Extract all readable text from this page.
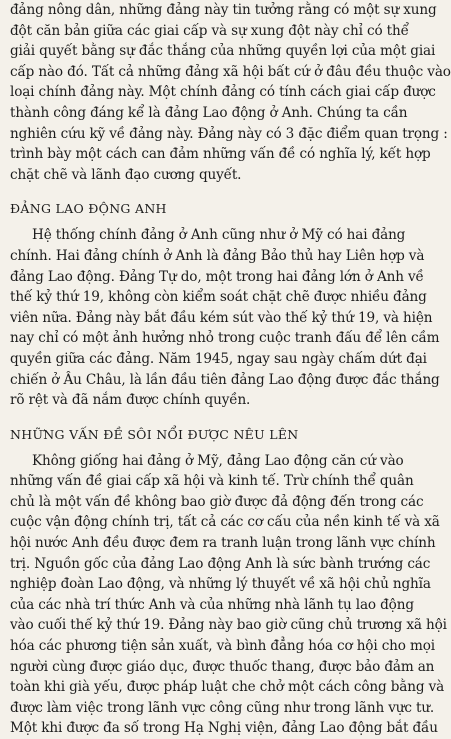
đảng nông dân, những đảng này tin tưởng rằng có một sự xung
đột căn bản giữa các giai cấp và sự xung đột này chỉ có thể
giải quyết bằng sự đắc thắng của những quyền lợi của một giai
cấp nào đó. Tất cả những đảng xã hội bất cứ ở đâu đều thuộc vào
loại chính đảng này. Một chính đảng có tính cách giai cấp được
thành công đáng kể là đảng Lao động ở Anh. Chúng ta cần
nghiên cứu kỹ về đảng này. Đảng này có 3 đặc điểm quan trọng :
trình bày một cách can đảm những vấn đề có nghĩa lý, kết hợp
chặt chẽ và lãnh đạo cương quyết.
ĐẢNG LAO ĐỘNG ANH
Hệ thống chính đảng ở Anh cũng như ở Mỹ có hai đảng
chính. Hai đảng chính ở Anh là đảng Bảo thủ hay Liên hợp và
đảng Lao động. Đảng Tự do, một trong hai đảng lớn ở Anh về
thế kỷ thứ 19, không còn kiểm soát chặt chẽ được nhiều đảng
viên nữa. Đảng này bắt đầu kém sút vào thế kỷ thứ 19, và hiện
nay chỉ có một ảnh hưởng nhỏ trong cuộc tranh đấu để lên cầm
quyền giữa các đảng. Năm 1945, ngay sau ngày chấm dứt đại
chiến ở Âu Châu, là lần đầu tiên đảng Lao động được đắc thắng
rõ rệt và đã nắm được chính quyền.
NHỮNG VẤN ĐỀ SÔI NỔI ĐƯỢC NÊU LÊN
Không giống hai đảng ở Mỹ, đảng Lao động căn cứ vào
những vấn đề giai cấp xã hội và kinh tế. Trừ chính thể quân
chủ là một vấn đề không bao giờ được đả động đến trong các
cuộc vận động chính trị, tất cả các cơ cấu của nền kinh tế và xã
hội nước Anh đều được đem ra tranh luận trong lãnh vực chính
trị. Nguồn gốc của đảng Lao động Anh là sức bành trướng các
nghiệp đoàn Lao động, và những lý thuyết về xã hội chủ nghĩa
của các nhà trí thức Anh và của những nhà lãnh tụ lao động
vào cuối thế kỷ thứ 19. Đảng này bao giờ cũng chủ trương xã hội
hóa các phương tiện sản xuất, và bình đẳng hóa cơ hội cho mọi
người cùng được giáo dục, được thuốc thang, được bảo đảm an
toàn khi già yếu, được pháp luật che chở một cách công bằng và
được làm việc trong lãnh vực công cũng như trong lãnh vực tư.
Một khi được đa số trong Hạ Nghị viện, đảng Lao động bắt đầu
